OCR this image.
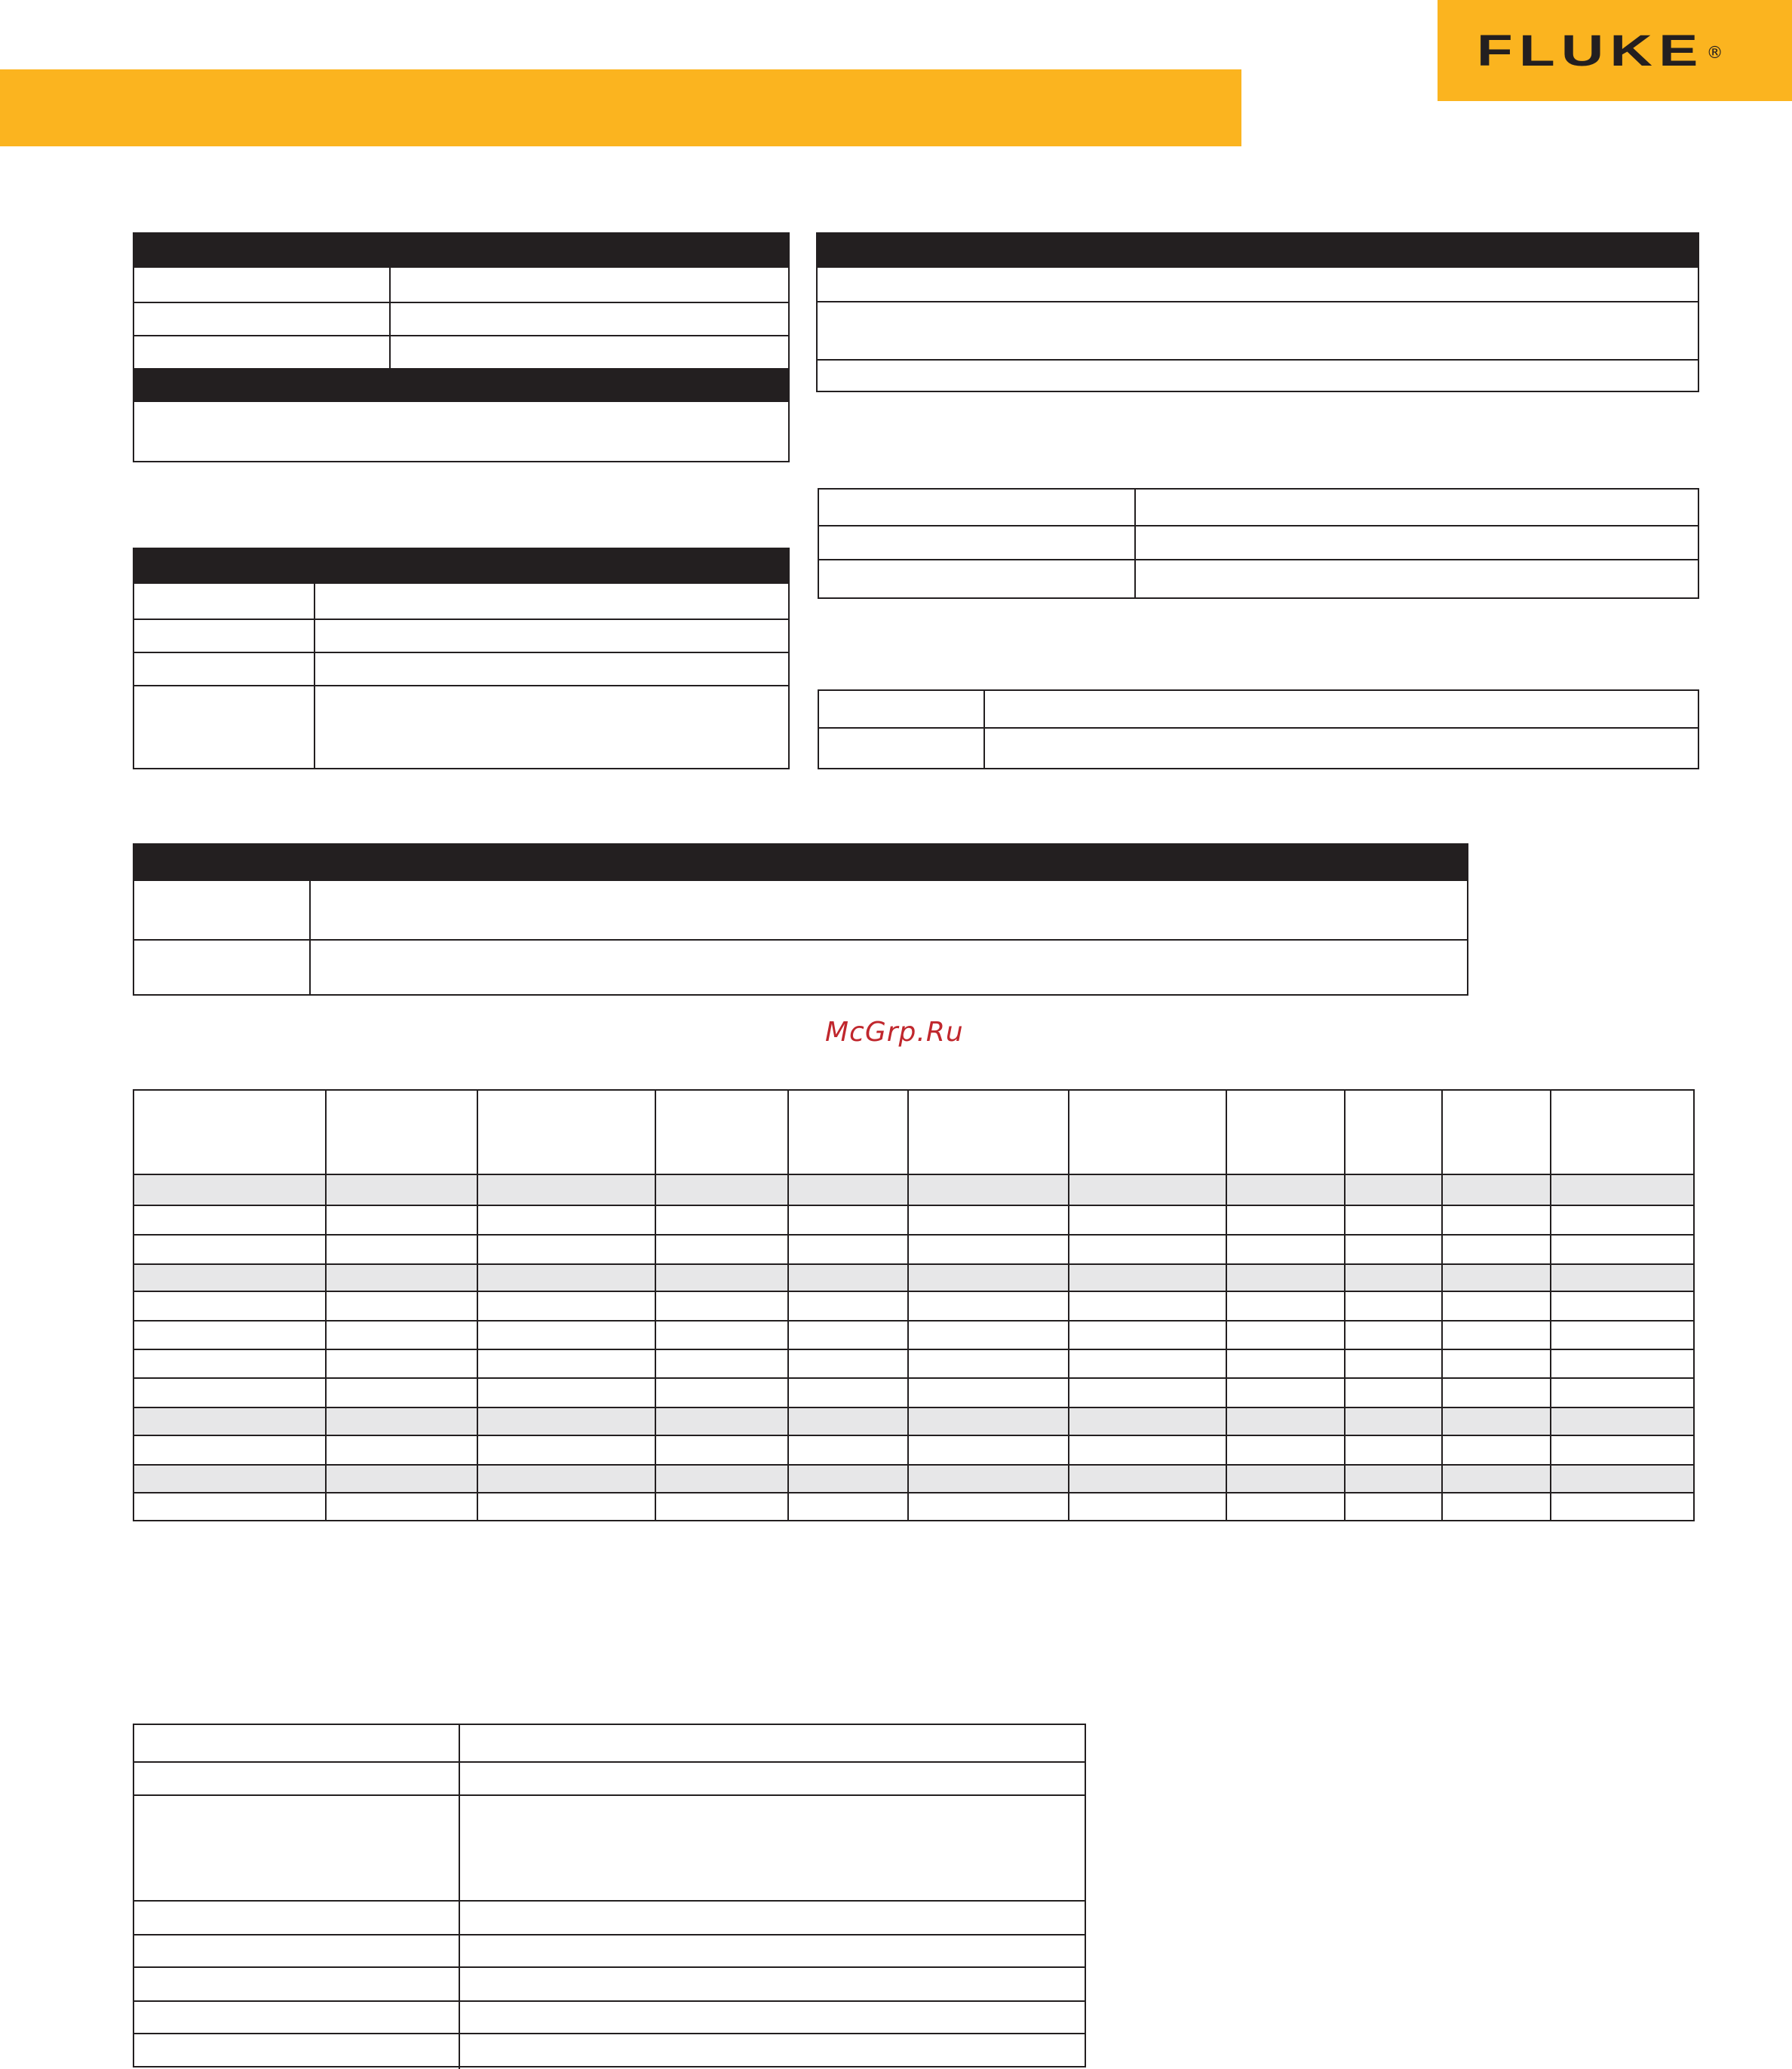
FLUKE ®
McGrp.Ru
